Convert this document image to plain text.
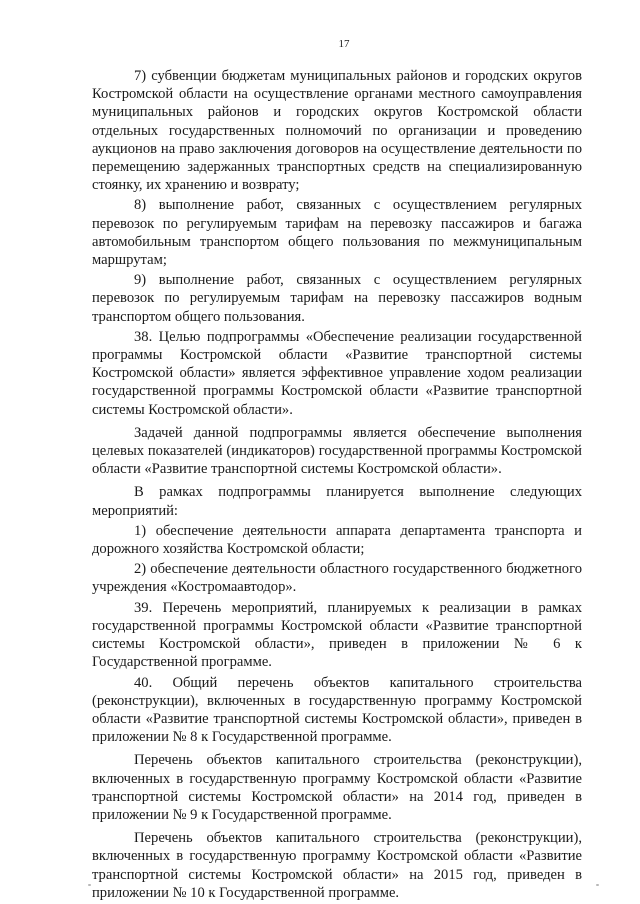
17

7) субвенции бюджетам муниципальных районов и городских округов Костромской области на осуществление органами местного самоуправления муниципальных районов и городских округов Костромской области отдельных государственных полномочий по организации и проведению аукционов на право заключения договоров на осуществление деятельности по перемещению задержанных транспортных средств на специализированную стоянку, их хранению и возврату;

8) выполнение работ, связанных с осуществлением регулярных перевозок по регулируемым тарифам на перевозку пассажиров и багажа автомобильным транспортом общего пользования по межмуниципальным маршрутам;

9) выполнение работ, связанных с осуществлением регулярных перевозок по регулируемым тарифам на перевозку пассажиров водным транспортом общего пользования.

38. Целью подпрограммы «Обеспечение реализации государственной программы Костромской области «Развитие транспортной системы Костромской области» является эффективное управление ходом реализации государственной программы Костромской области «Развитие транспортной системы Костромской области».

Задачей данной подпрограммы является обеспечение выполнения целевых показателей (индикаторов) государственной программы Костромской области «Развитие транспортной системы Костромской области».

В рамках подпрограммы планируется выполнение следующих мероприятий:

1) обеспечение деятельности аппарата департамента транспорта и дорожного хозяйства Костромской области;

2) обеспечение деятельности областного государственного бюджетного учреждения «Костромаавтодор».

39. Перечень мероприятий, планируемых к реализации в рамках государственной программы Костромской области «Развитие транспортной системы Костромской области», приведен в приложении № 6 к Государственной программе.

40. Общий перечень объектов капитального строительства (реконструкции), включенных в государственную программу Костромской области «Развитие транспортной системы Костромской области», приведен в приложении № 8 к Государственной программе.

Перечень объектов капитального строительства (реконструкции), включенных в государственную программу Костромской области «Развитие транспортной системы Костромской области» на 2014 год, приведен в приложении № 9 к Государственной программе.

Перечень объектов капитального строительства (реконструкции), включенных в государственную программу Костромской области «Развитие транспортной системы Костромской области» на 2015 год, приведен в приложении № 10 к Государственной программе.
